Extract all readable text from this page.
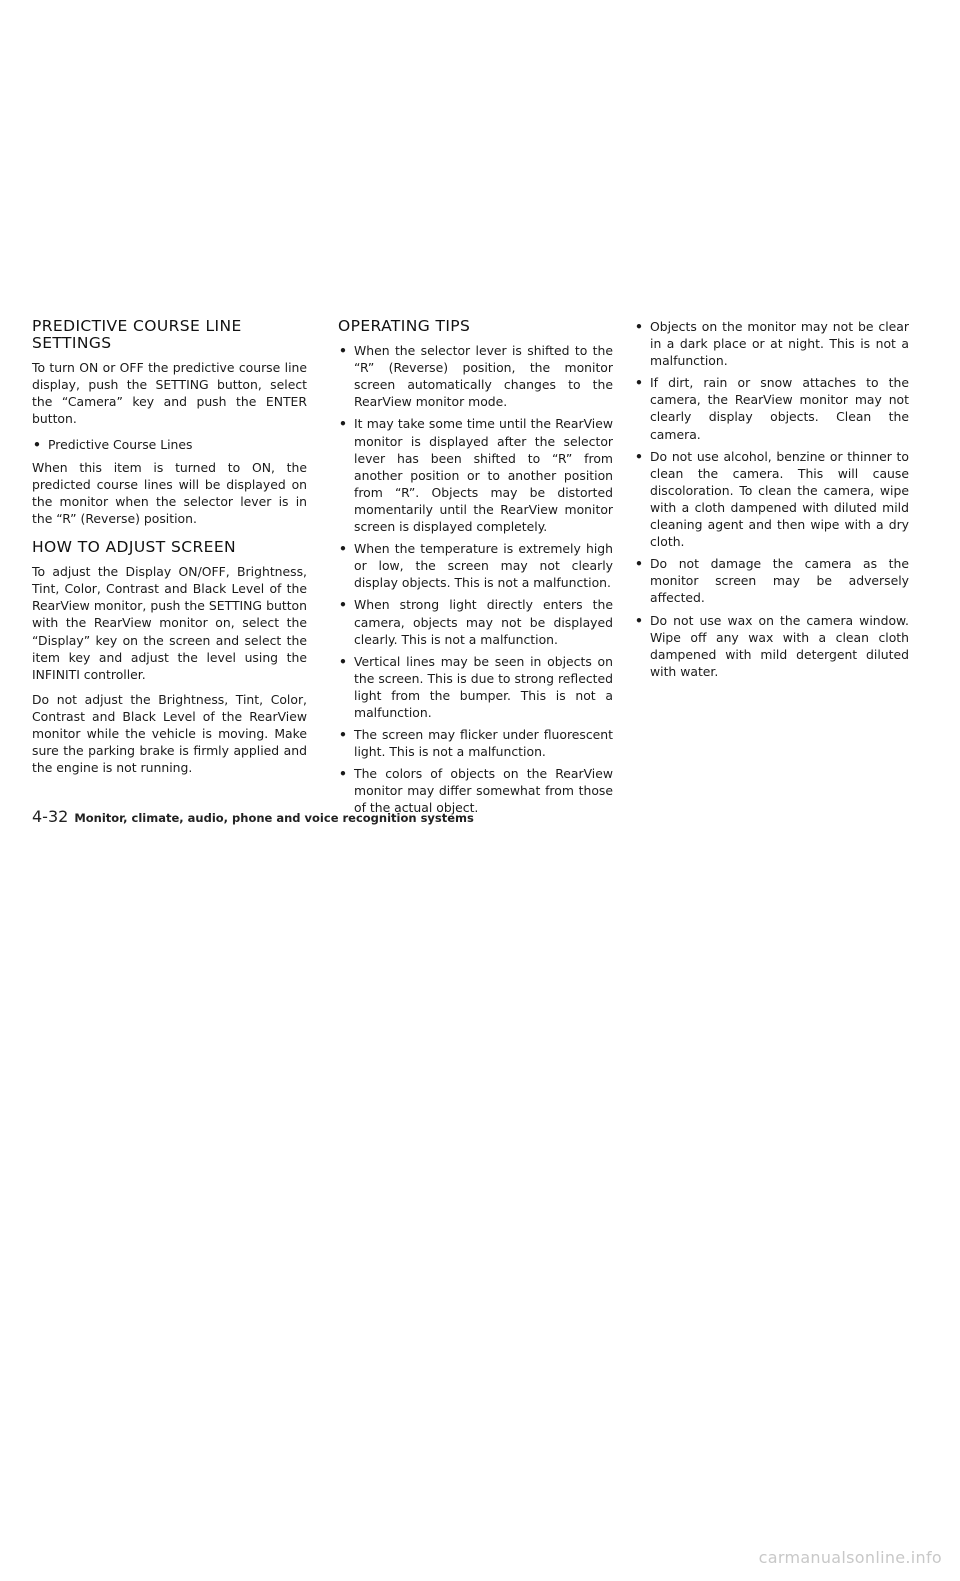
PREDICTIVE COURSE LINE SETTINGS

To turn ON or OFF the predictive course line display, push the SETTING button, select the “Camera” key and push the ENTER button.

• Predictive Course Lines

When this item is turned to ON, the predicted course lines will be displayed on the monitor when the selector lever is in the “R” (Reverse) position.

HOW TO ADJUST SCREEN

To adjust the Display ON/OFF, Brightness, Tint, Color, Contrast and Black Level of the RearView monitor, push the SETTING button with the RearView monitor on, select the “Display” key on the screen and select the item key and adjust the level using the INFINITI controller.

Do not adjust the Brightness, Tint, Color, Contrast and Black Level of the RearView monitor while the vehicle is moving. Make sure the parking brake is firmly applied and the engine is not running.

OPERATING TIPS
• When the selector lever is shifted to the “R” (Reverse) position, the monitor screen automatically changes to the RearView monitor mode.
• It may take some time until the RearView monitor is displayed after the selector lever has been shifted to “R” from another position or to another position from “R”. Objects may be distorted momentarily until the RearView monitor screen is displayed completely.
• When the temperature is extremely high or low, the screen may not clearly display objects. This is not a malfunction.
• When strong light directly enters the camera, objects may not be displayed clearly. This is not a malfunction.
• Vertical lines may be seen in objects on the screen. This is due to strong reflected light from the bumper. This is not a malfunction.
• The screen may flicker under fluorescent light. This is not a malfunction.
• The colors of objects on the RearView monitor may differ somewhat from those of the actual object.
• Objects on the monitor may not be clear in a dark place or at night. This is not a malfunction.
• If dirt, rain or snow attaches to the camera, the RearView monitor may not clearly display objects. Clean the camera.
• Do not use alcohol, benzine or thinner to clean the camera. This will cause discoloration. To clean the camera, wipe with a cloth dampened with diluted mild cleaning agent and then wipe with a dry cloth.
• Do not damage the camera as the monitor screen may be adversely affected.
• Do not use wax on the camera window. Wipe off any wax with a clean cloth dampened with mild detergent diluted with water.
4-32 Monitor, climate, audio, phone and voice recognition systems
carmanualsonline.info
